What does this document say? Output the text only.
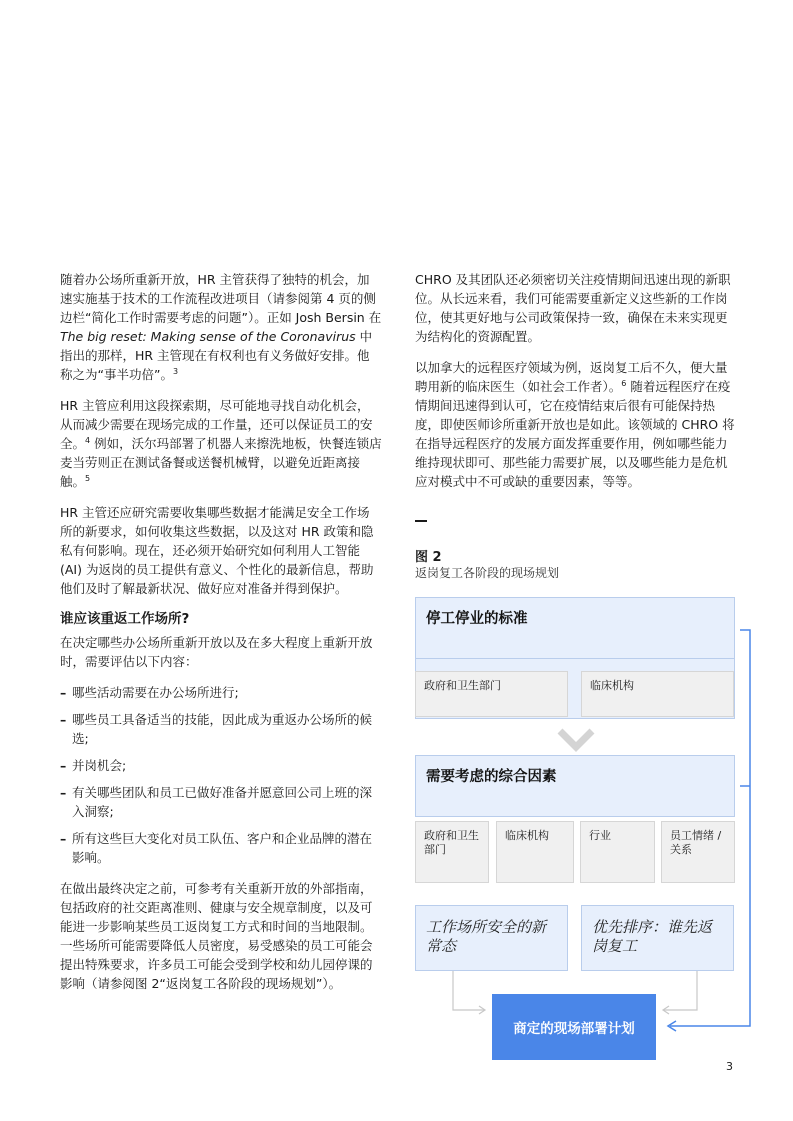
随着办公场所重新开放，HR 主管获得了独特的机会，加速实施基于技术的工作流程改进项目（请参阅第 4 页的侧边栏“简化工作时需要考虑的问题”）。正如 Josh Bersin 在 The big reset: Making sense of the Coronavirus 中指出的那样，HR 主管现在有权利也有义务做好安排。他称之为“事半功倍”。$^3$

HR 主管应利用这段探索期，尽可能地寻找自动化机会，从而减少需要在现场完成的工作量，还可以保证员工的安全。$^4$ 例如，沃尔玛部署了机器人来擦洗地板，快餐连锁店麦当劳则正在测试备餐或送餐机械臂，以避免近距离接触。$^5$

HR 主管还应研究需要收集哪些数据才能满足安全工作场所的新要求，如何收集这些数据，以及这对 HR 政策和隐私有何影响。现在，还必须开始研究如何利用人工智能 (AI) 为返岗的员工提供有意义、个性化的最新信息，帮助他们及时了解最新状况、做好应对准备并得到保护。

谁应该重返工作场所?

在决定哪些办公场所重新开放以及在多大程度上重新开放时，需要评估以下内容：

– 哪些活动需要在办公场所进行;
– 哪些员工具备适当的技能，因此成为重返办公场所的候选;
– 并岗机会;
– 有关哪些团队和员工已做好准备并愿意回公司上班的深入洞察;
– 所有这些巨大变化对员工队伍、客户和企业品牌的潜在影响。

在做出最终决定之前，可参考有关重新开放的外部指南，包括政府的社交距离准则、健康与安全规章制度，以及可能进一步影响某些员工返岗复工方式和时间的当地限制。一些场所可能需要降低人员密度，易受感染的员工可能会提出特殊要求，许多员工可能会受到学校和幼儿园停课的影响（请参阅图 2“返岗复工各阶段的现场规划”）。

CHRO 及其团队还必须密切关注疫情期间迅速出现的新职位。从长远来看，我们可能需要重新定义这些新的工作岗位，使其更好地与公司政策保持一致，确保在未来实现更为结构化的资源配置。

以加拿大的远程医疗领域为例，返岗复工后不久，便大量聘用新的临床医生（如社会工作者）。$^6$ 随着远程医疗在疫情期间迅速得到认可，它在疫情结束后很有可能保持热度，即使医师诊所重新开放也是如此。该领域的 CHRO 将在指导远程医疗的发展方面发挥重要作用，例如哪些能力维持现状即可、那些能力需要扩展，以及哪些能力是危机应对模式中不可或缺的重要因素，等等。

图 2
返岗复工各阶段的现场规划
停工停业的标准
政府和卫生部门	临床机构
需要考虑的综合因素
政府和卫生部门
临床机构	行业	员工情绪 / 关系
工作场所安全的新常态
优先排序：谁先返岗复工
商定的现场部署计划
3
